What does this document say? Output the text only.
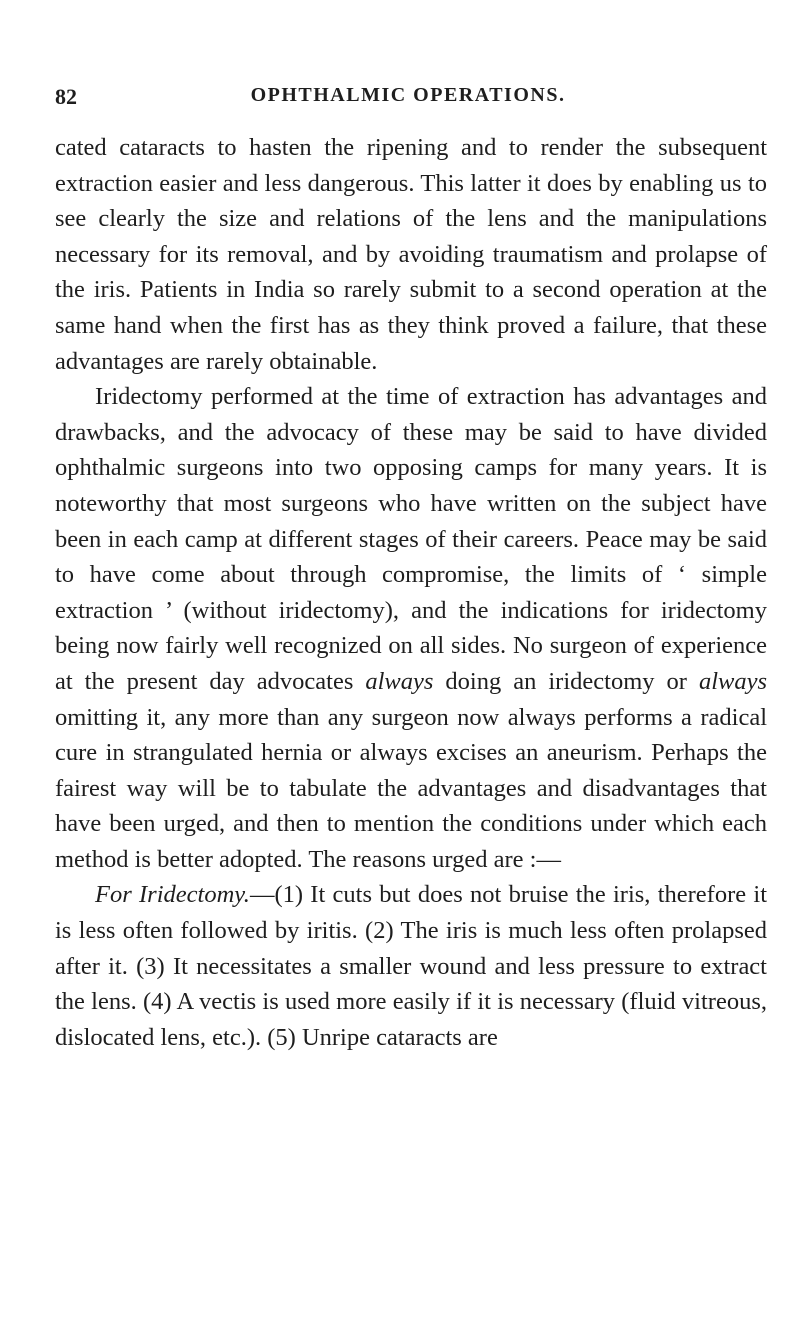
82	OPHTHALMIC OPERATIONS.

cated cataracts to hasten the ripening and to render the subsequent extraction easier and less dangerous. This latter it does by enabling us to see clearly the size and relations of the lens and the manipulations necessary for its removal, and by avoiding traumatism and prolapse of the iris. Patients in India so rarely submit to a second operation at the same hand when the first has as they think proved a failure, that these advantages are rarely obtainable.

Iridectomy performed at the time of extraction has advantages and drawbacks, and the advocacy of these may be said to have divided ophthalmic surgeons into two opposing camps for many years. It is noteworthy that most surgeons who have written on the subject have been in each camp at different stages of their careers. Peace may be said to have come about through compromise, the limits of ‘ simple extraction ’ (without iridectomy), and the indications for iridectomy being now fairly well recognized on all sides. No surgeon of experience at the present day advocates always doing an iridectomy or always omitting it, any more than any surgeon now always performs a radical cure in strangulated hernia or always excises an aneurism. Perhaps the fairest way will be to tabulate the advantages and disadvantages that have been urged, and then to mention the conditions under which each method is better adopted. The reasons urged are :—

For Iridectomy.—(1) It cuts but does not bruise the iris, therefore it is less often followed by iritis. (2) The iris is much less often prolapsed after it. (3) It necessitates a smaller wound and less pressure to extract the lens. (4) A vectis is used more easily if it is necessary (fluid vitreous, dislocated lens, etc.). (5) Unripe cataracts are
